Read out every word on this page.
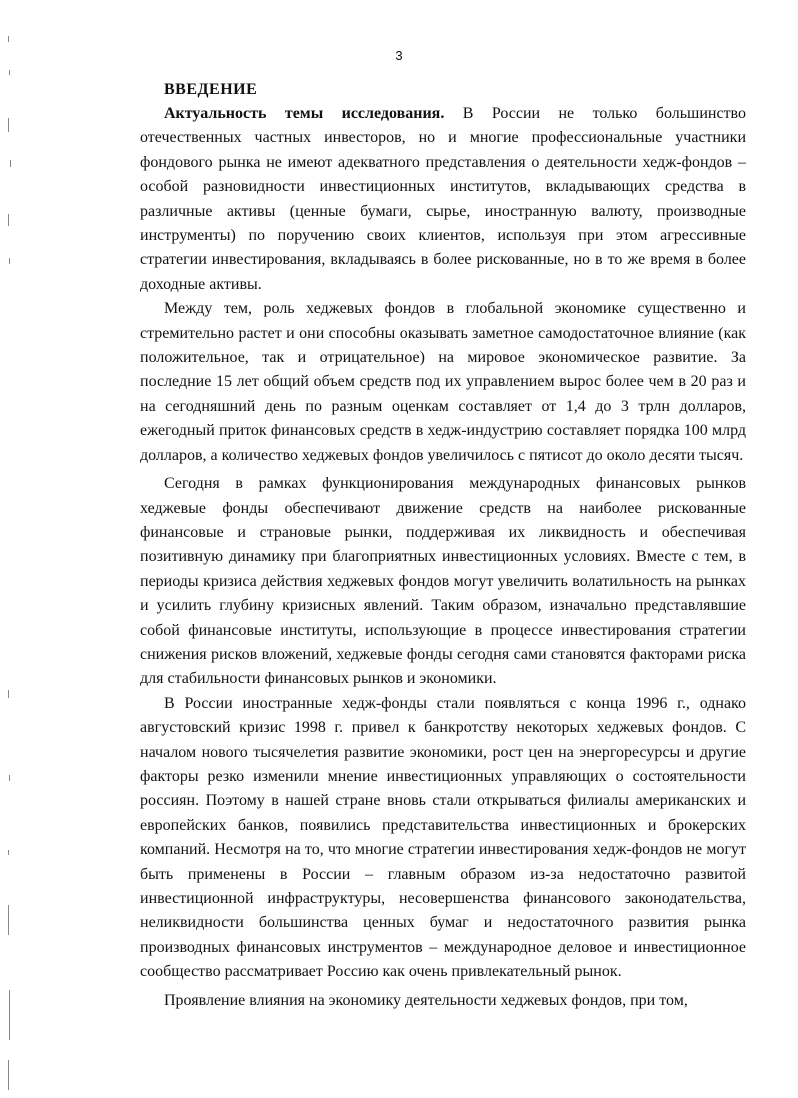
3
ВВЕДЕНИЕ

Актуальность темы исследования. В России не только большинство отечественных частных инвесторов, но и многие профессиональные участники фондового рынка не имеют адекватного представления о деятельности хедж-фондов – особой разновидности инвестиционных институтов, вкладывающих средства в различные активы (ценные бумаги, сырье, иностранную валюту, производные инструменты) по поручению своих клиентов, используя при этом агрессивные стратегии инвестирования, вкладываясь в более рискованные, но в то же время в более доходные активы.

Между тем, роль хеджевых фондов в глобальной экономике существенно и стремительно растет и они способны оказывать заметное самодостаточное влияние (как положительное, так и отрицательное) на мировое экономическое развитие. За последние 15 лет общий объем средств под их управлением вырос более чем в 20 раз и на сегодняшний день по разным оценкам составляет от 1,4 до 3 трлн долларов, ежегодный приток финансовых средств в хедж-индустрию составляет порядка 100 млрд долларов, а количество хеджевых фондов увеличилось с пятисот до около десяти тысяч.

Сегодня в рамках функционирования международных финансовых рынков хеджевые фонды обеспечивают движение средств на наиболее рискованные финансовые и страновые рынки, поддерживая их ликвидность и обеспечивая позитивную динамику при благоприятных инвестиционных условиях. Вместе с тем, в периоды кризиса действия хеджевых фондов могут увеличить волатильность на рынках и усилить глубину кризисных явлений. Таким образом, изначально представлявшие собой финансовые институты, использующие в процессе инвестирования стратегии снижения рисков вложений, хеджевые фонды сегодня сами становятся факторами риска для стабильности финансовых рынков и экономики.

В России иностранные хедж-фонды стали появляться с конца 1996 г., однако августовский кризис 1998 г. привел к банкротству некоторых хеджевых фондов. С началом нового тысячелетия развитие экономики, рост цен на энергоресурсы и другие факторы резко изменили мнение инвестиционных управляющих о состоятельности россиян. Поэтому в нашей стране вновь стали открываться филиалы американских и европейских банков, появились представительства инвестиционных и брокерских компаний. Несмотря на то, что многие стратегии инвестирования хедж-фондов не могут быть применены в России – главным образом из-за недостаточно развитой инвестиционной инфраструктуры, несовершенства финансового законодательства, неликвидности большинства ценных бумаг и недостаточного развития рынка производных финансовых инструментов – международное деловое и инвестиционное сообщество рассматривает Россию как очень привлекательный рынок.

Проявление влияния на экономику деятельности хеджевых фондов, при том,
